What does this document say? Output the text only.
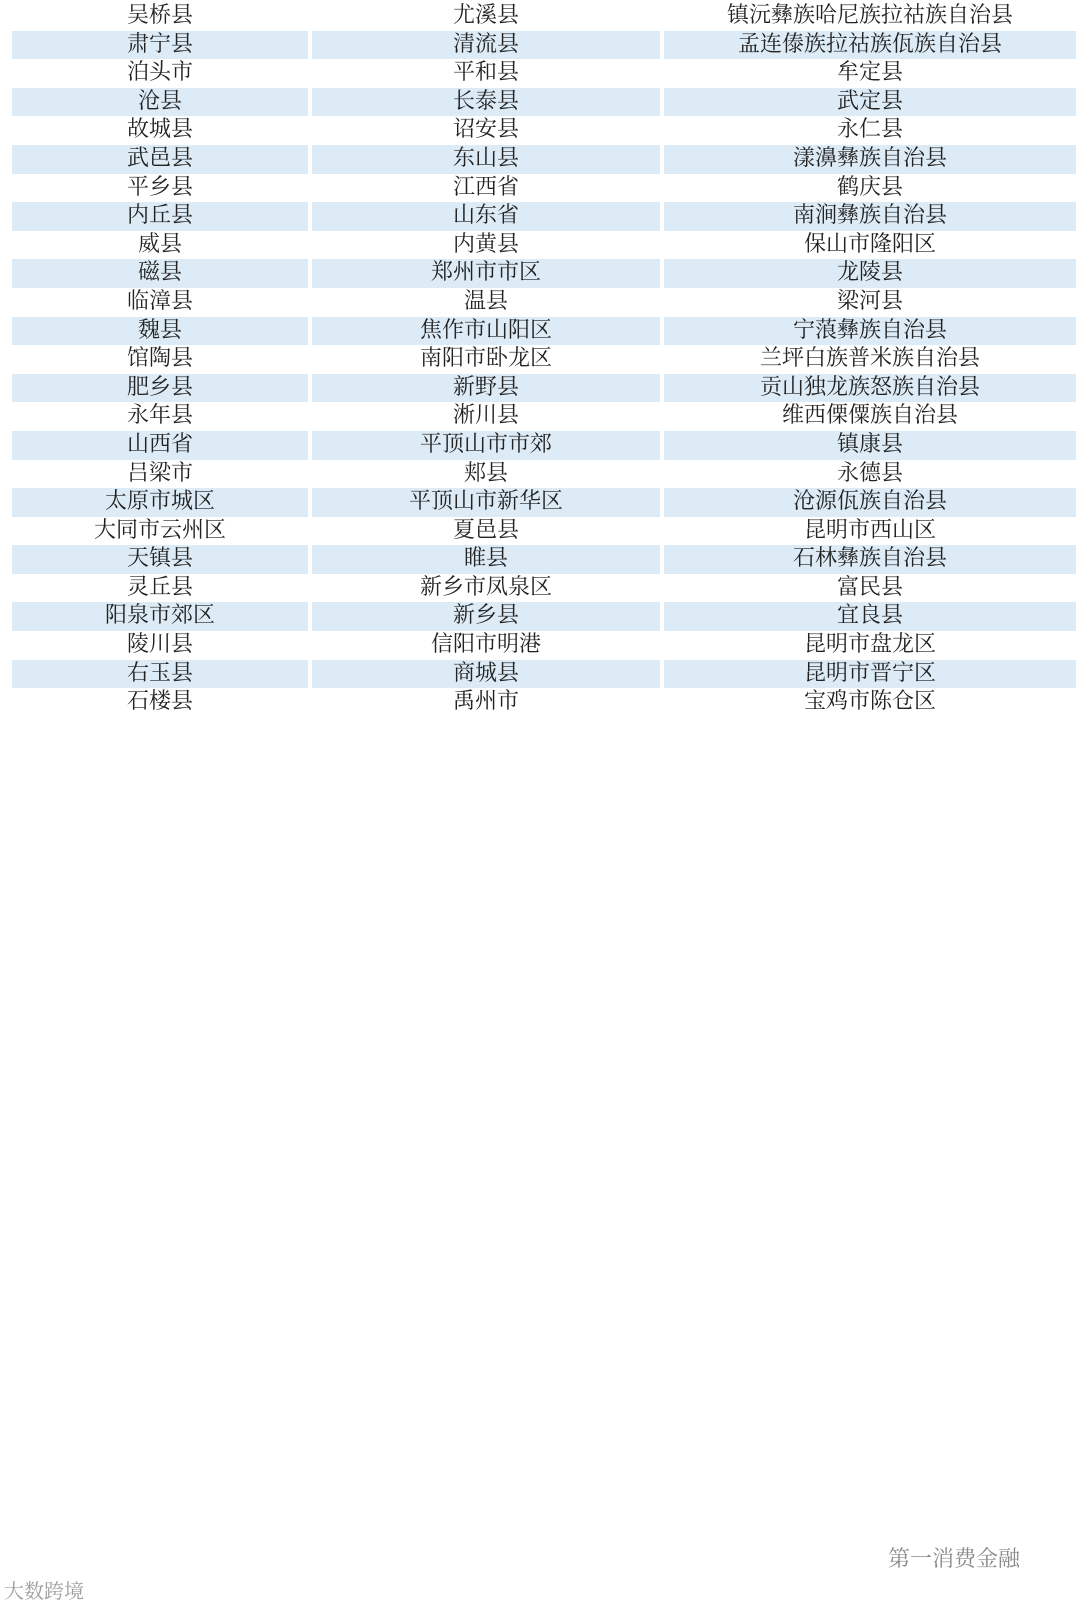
吴桥县	尤溪县	镇沅彝族哈尼族拉祜族自治县
肃宁县	清流县	孟连傣族拉祜族佤族自治县
泊头市	平和县	牟定县
沧县	长泰县	武定县
故城县	诏安县	永仁县
武邑县	东山县	漾濞彝族自治县
平乡县	江西省	鹤庆县
内丘县	山东省	南涧彝族自治县
威县	内黄县	保山市隆阳区
磁县	郑州市市区	龙陵县
临漳县	温县	梁河县
魏县	焦作市山阳区	宁蒗彝族自治县
馆陶县	南阳市卧龙区	兰坪白族普米族自治县
肥乡县	新野县	贡山独龙族怒族自治县
永年县	淅川县	维西傈僳族自治县
山西省	平顶山市市郊	镇康县
吕梁市	郏县	永德县
太原市城区	平顶山市新华区	沧源佤族自治县
大同市云州区	夏邑县	昆明市西山区
天镇县	睢县	石林彝族自治县
灵丘县	新乡市凤泉区	富民县
阳泉市郊区	新乡县	宜良县
陵川县	信阳市明港	昆明市盘龙区
右玉县	商城县	昆明市晋宁区
石楼县	禹州市	宝鸡市陈仓区
第一消费金融
大数跨境
